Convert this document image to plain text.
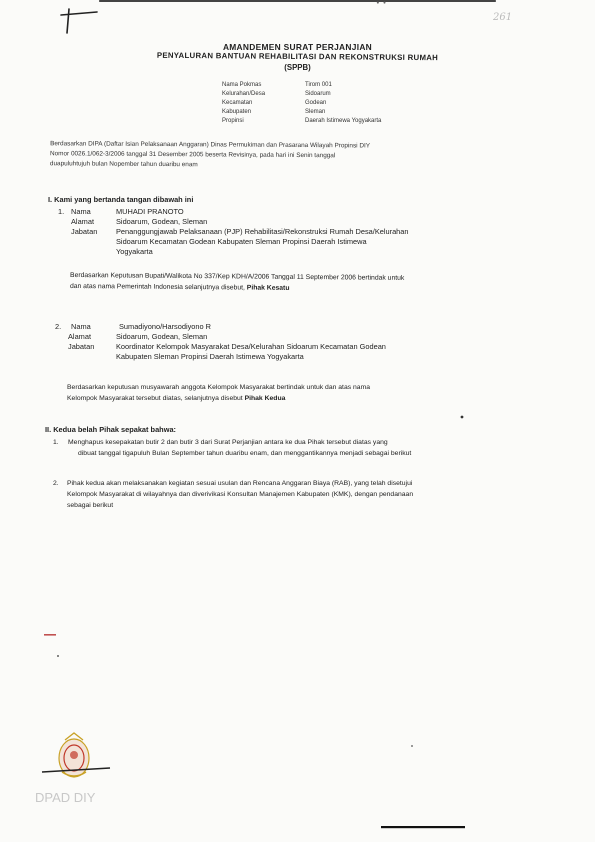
261
AMANDEMEN SURAT PERJANJIAN
PENYALURAN BANTUAN REHABILITASI DAN REKONSTRUKSI RUMAH
(SPPB)
Nama Pokmas	Tirom 001
Kelurahan/Desa	Sidoarum
Kecamatan	Godean
Kabupaten	Sleman
Propinsi	Daerah Istimewa Yogyakarta
Berdasarkan DIPA (Daftar Isian Pelaksanaan Anggaran) Dinas Permukiman dan Prasarana Wilayah Propinsi DIY
Nomor 0026.1/062-3/2006 tanggal 31 Desember 2005 beserta Revisinya, pada hari ini Senin tanggal
duapuluhtujuh bulan Nopember tahun duaribu enam
I. Kami yang bertanda tangan dibawah ini
1. Nama	MUHADI PRANOTO
Alamat	Sidoarum, Godean, Sleman
Jabatan	Penanggungjawab Pelaksanaan (PJP) Rehabilitasi/Rekonstruksi Rumah Desa/Kelurahan
Sidoarum Kecamatan Godean Kabupaten Sleman Propinsi Daerah Istimewa
Yogyakarta
Berdasarkan Keputusan Bupati/Walikota No 337/Kep KDH/A/2006 Tanggal 11 September 2006 bertindak untuk
dan atas nama Pemerintah Indonesia selanjutnya disebut, Pihak Kesatu
2.	Nama	Sumadiyono/Harsodiyono R
Alamat	Sidoarum, Godean, Sleman
Jabatan	Koordinator Kelompok Masyarakat Desa/Kelurahan Sidoarum Kecamatan Godean
Kabupaten Sleman Propinsi Daerah Istimewa Yogyakarta
Berdasarkan keputusan musyawarah anggota Kelompok Masyarakat bertindak untuk dan atas nama
Kelompok Masyarakat tersebut diatas, selanjutnya disebut Pihak Kedua
II. Kedua belah Pihak sepakat bahwa:
1. Menghapus kesepakatan butir 2 dan butir 3 dari Surat Perjanjian antara ke dua Pihak tersebut diatas yang
dibuat tanggal tigapuluh Bulan September tahun duaribu enam, dan menggantikannya menjadi sebagai berikut
2. Pihak kedua akan melaksanakan kegiatan sesuai usulan dan Rencana Anggaran Biaya (RAB), yang telah disetujui
Kelompok Masyarakat di wilayahnya dan diverivikasi Konsultan Manajemen Kabupaten (KMK), dengan pendanaan
sebagai berikut
DPAD DIY
